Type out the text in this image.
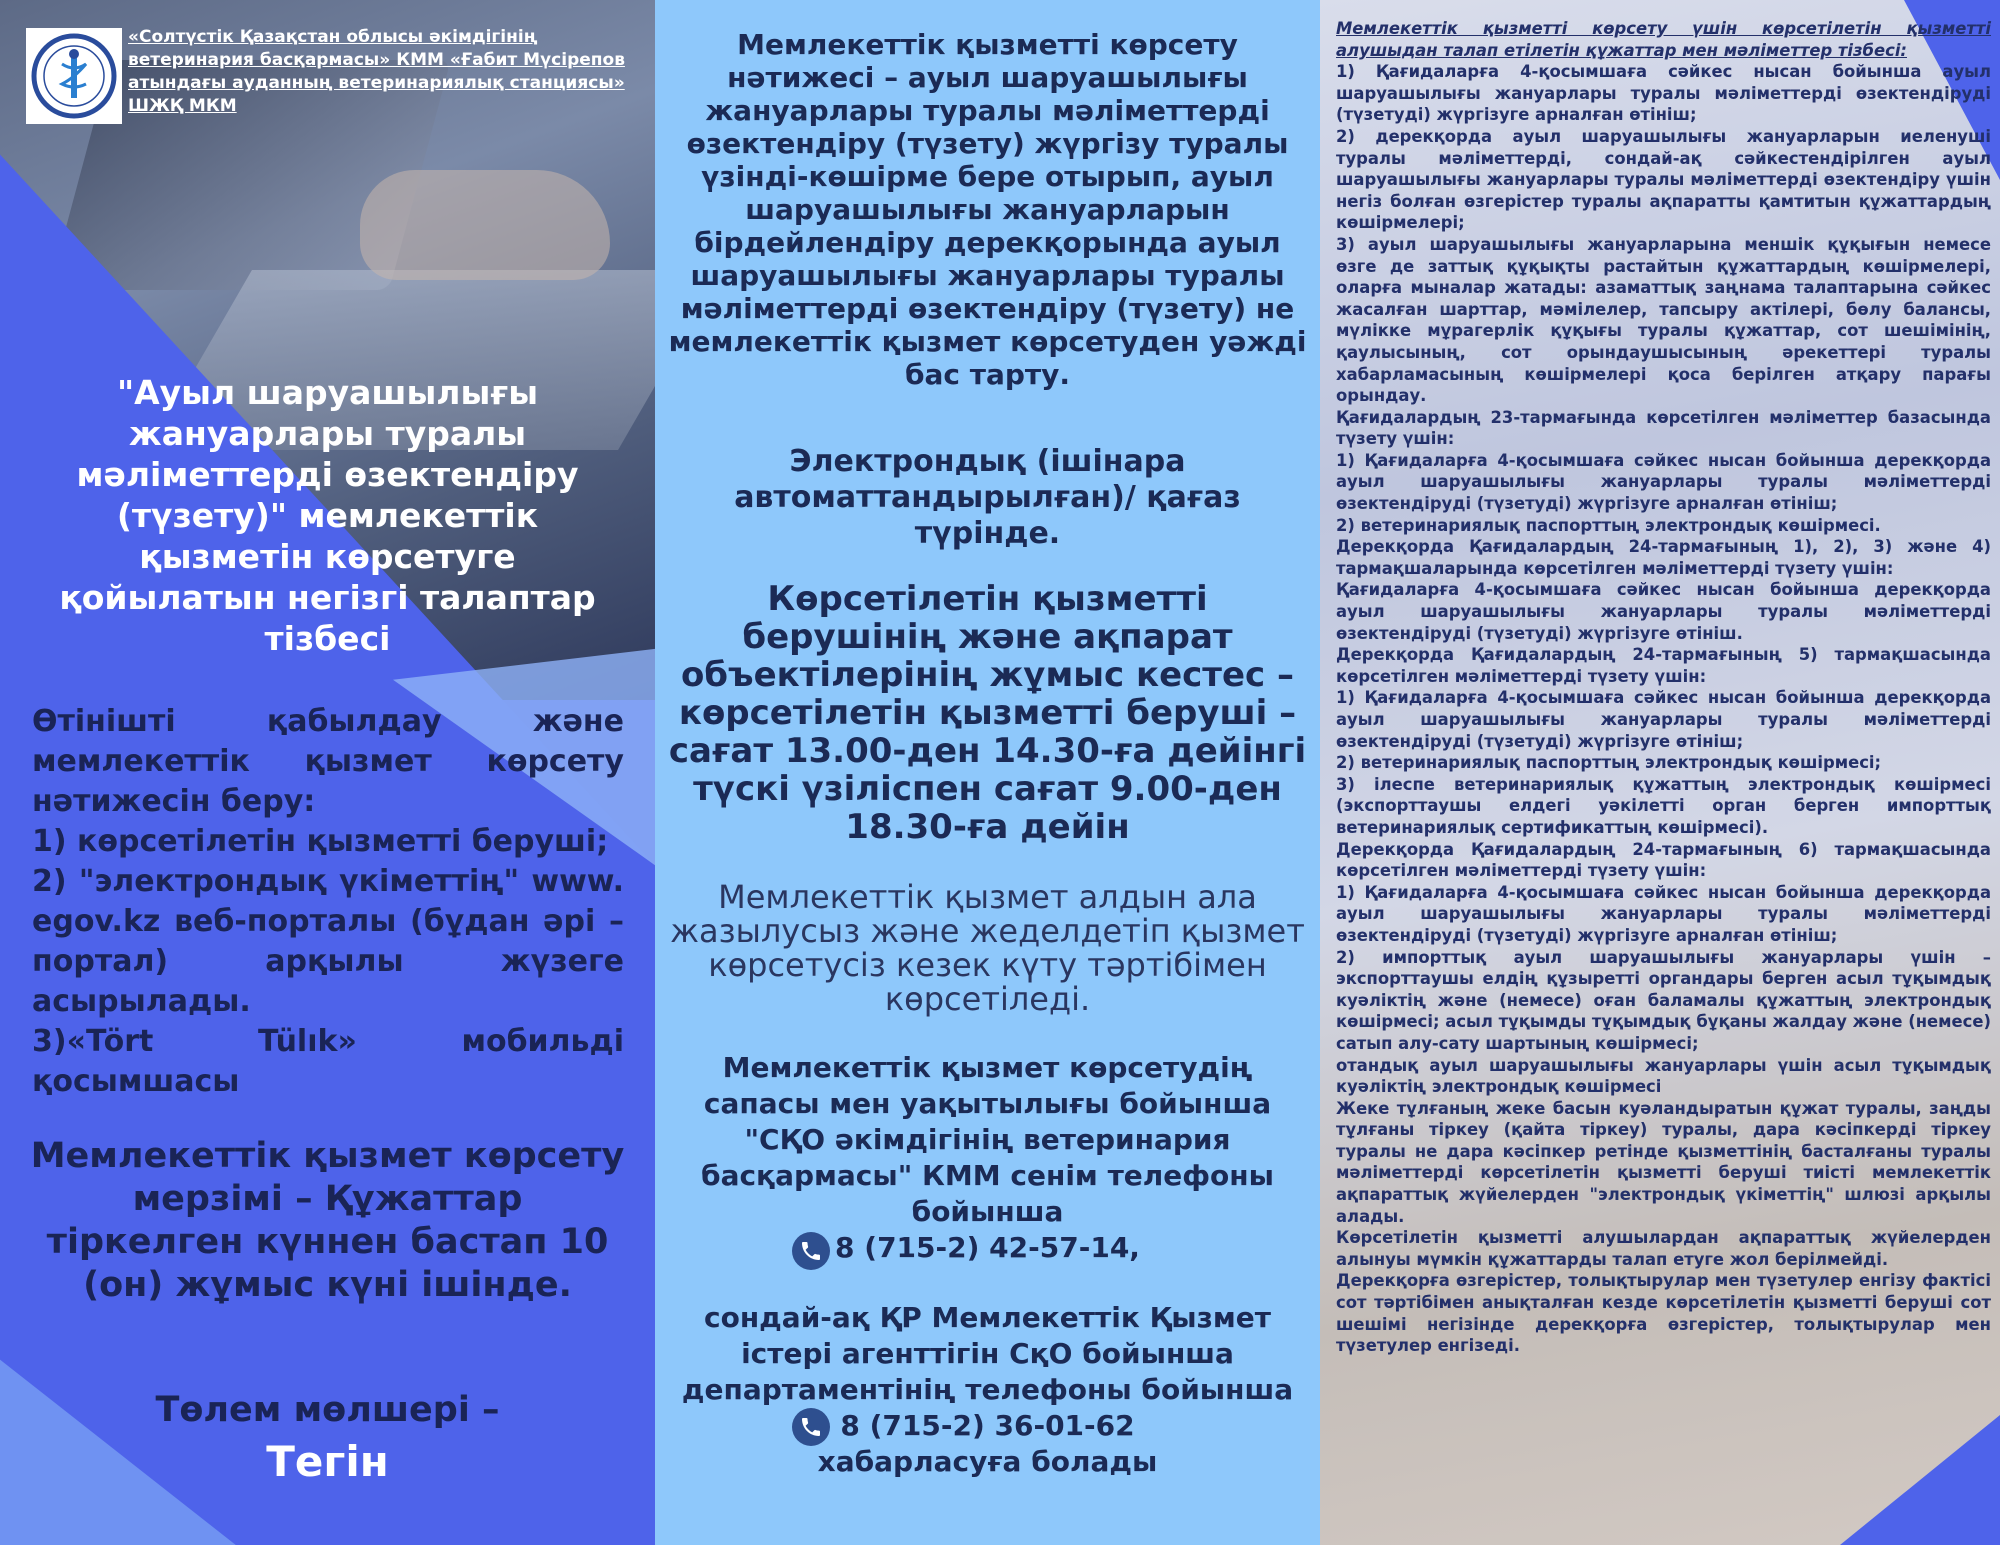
«Солтүстік Қазақстан облысы әкімдігінің ветеринария басқармасы» КММ «Ғабит Мүсірепов атындағы ауданның ветеринариялық станциясы» ШЖҚ МКМ
"Ауыл шаруашылығы жануарлары туралы мәліметтерді өзектендіру (түзету)" мемлекеттік қызметін көрсетуге қойылатын негізгі талаптар тізбесі
Өтінішті қабылдау және
мемлекеттік қызмет көрсету
нәтижесін беру:
1) көрсетілетін қызметті беруші;
2) "электрондық үкіметтің" www.
egov.kz веб-порталы (бұдан әрі –
портал) арқылы жүзеге
асырылады.
3)«Tört Tülık» мобильді
қосымшасы
Мемлекеттік қызмет көрсету мерзімі – Құжаттар тіркелген күннен бастап 10 (он) жұмыс күні ішінде.
Төлем мөлшері –
Тегін
Мемлекеттік қызметті көрсету нәтижесі – ауыл шаруашылығы жануарлары туралы мәліметтерді өзектендіру (түзету) жүргізу туралы үзінді-көшірме бере отырып, ауыл шаруашылығы жануарларын бірдейлендіру дерекқорында ауыл шаруашылығы жануарлары туралы мәліметтерді өзектендіру (түзету) не мемлекеттік қызмет көрсетуден уәжді бас тарту.
Электрондық (ішінара автоматтандырылған)/ қағаз түрінде.
Көрсетілетін қызметті берушінің және ақпарат объектілерінің жұмыс кестес – көрсетілетін қызметті беруші – сағат 13.00-ден 14.30-ға дейінгі түскі үзіліспен сағат 9.00-ден 18.30-ға дейін
Мемлекеттік қызмет алдын ала жазылусыз және жеделдетіп қызмет көрсетусіз кезек күту тәртібімен көрсетіледі.
Мемлекеттік қызмет көрсетудің сапасы мен уақытылығы бойынша "СҚО әкімдігінің ветеринария басқармасы" КММ сенім телефоны бойынша
8 (715-2) 42-57-14,
сондай-ақ ҚР Мемлекеттік Қызмет істері агенттігін СқО бойынша департаментінің телефоны бойынша
8 (715-2) 36-01-62
хабарласуға болады

Мемлекеттік қызметті көрсету үшін көрсетілетін қызметті алушыдан талап етілетін құжаттар мен мәліметтер тізбесі:

1) Қағидаларға 4-қосымшаға сәйкес нысан бойынша ауыл шаруашылығы жануарлары туралы мәліметтерді өзектендіруді (түзетуді) жүргізуге арналған өтініш;

2) дерекқорда ауыл шаруашылығы жануарларын иеленуші туралы мәліметтерді, сондай-ақ сәйкестендірілген ауыл шаруашылығы жануарлары туралы мәліметтерді өзектендіру үшін негіз болған өзгерістер туралы ақпаратты қамтитын құжаттардың көшірмелері;

3) ауыл шаруашылығы жануарларына меншік құқығын немесе өзге де заттық құқықты растайтын құжаттардың көшірмелері, оларға мыналар жатады: азаматтық заңнама талаптарына сәйкес жасалған шарттар, мәмілелер, тапсыру актілері, бөлу балансы, мүлікке мұрагерлік құқығы туралы құжаттар, сот шешімінің, қаулысының, сот орындаушысының әрекеттері туралы хабарламасының көшірмелері қоса берілген атқару парағы орындау.

Қағидалардың 23-тармағында көрсетілген мәліметтер базасында түзету үшін:

1) Қағидаларға 4-қосымшаға сәйкес нысан бойынша дерекқорда ауыл шаруашылығы жануарлары туралы мәліметтерді өзектендіруді (түзетуді) жүргізуге арналған өтініш;

2) ветеринариялық паспорттың электрондық көшірмесі.

Дерекқорда Қағидалардың 24-тармағының 1), 2), 3) және 4) тармақшаларында көрсетілген мәліметтерді түзету үшін:

Қағидаларға 4-қосымшаға сәйкес нысан бойынша дерекқорда ауыл шаруашылығы жануарлары туралы мәліметтерді өзектендіруді (түзетуді) жүргізуге өтініш.

Дерекқорда Қағидалардың 24-тармағының 5) тармақшасында көрсетілген мәліметтерді түзету үшін:

1) Қағидаларға 4-қосымшаға сәйкес нысан бойынша дерекқорда ауыл шаруашылығы жануарлары туралы мәліметтерді өзектендіруді (түзетуді) жүргізуге өтініш;

2) ветеринариялық паспорттың электрондық көшірмесі;

3) ілеспе ветеринариялық құжаттың электрондық көшірмесі (экспорттаушы елдегі уәкілетті орган берген импорттық ветеринариялық сертификаттың көшірмесі).

Дерекқорда Қағидалардың 24-тармағының 6) тармақшасында көрсетілген мәліметтерді түзету үшін:

1) Қағидаларға 4-қосымшаға сәйкес нысан бойынша дерекқорда ауыл шаруашылығы жануарлары туралы мәліметтерді өзектендіруді (түзетуді) жүргізуге арналған өтініш;

2) импорттық ауыл шаруашылығы жануарлары үшін – экспорттаушы елдің құзыретті органдары берген асыл тұқымдық куәліктің және (немесе) оған баламалы құжаттың электрондық көшірмесі; асыл тұқымды тұқымдық бұқаны жалдау және (немесе) сатып алу-сату шартының көшірмесі;

отандық ауыл шаруашылығы жануарлары үшін асыл тұқымдық куәліктің электрондық көшірмесі

Жеке тұлғаның жеке басын куәландыратын құжат туралы, заңды тұлғаны тіркеу (қайта тіркеу) туралы, дара кәсіпкерді тіркеу туралы не дара кәсіпкер ретінде қызметтінің басталғаны туралы мәліметтерді көрсетілетін қызметті беруші тиісті мемлекеттік ақпараттық жүйелерден "электрондық үкіметтің" шлюзі арқылы алады.

Көрсетілетін қызметті алушылардан ақпараттық жүйелерден алынуы мүмкін құжаттарды талап етуге жол берілмейді.

Дерекқорға өзгерістер, толықтырулар мен түзетулер енгізу фактісі сот тәртібімен анықталған кезде көрсетілетін қызметті беруші сот шешімі негізінде дерекқорға өзгерістер, толықтырулар мен түзетулер енгізеді.
